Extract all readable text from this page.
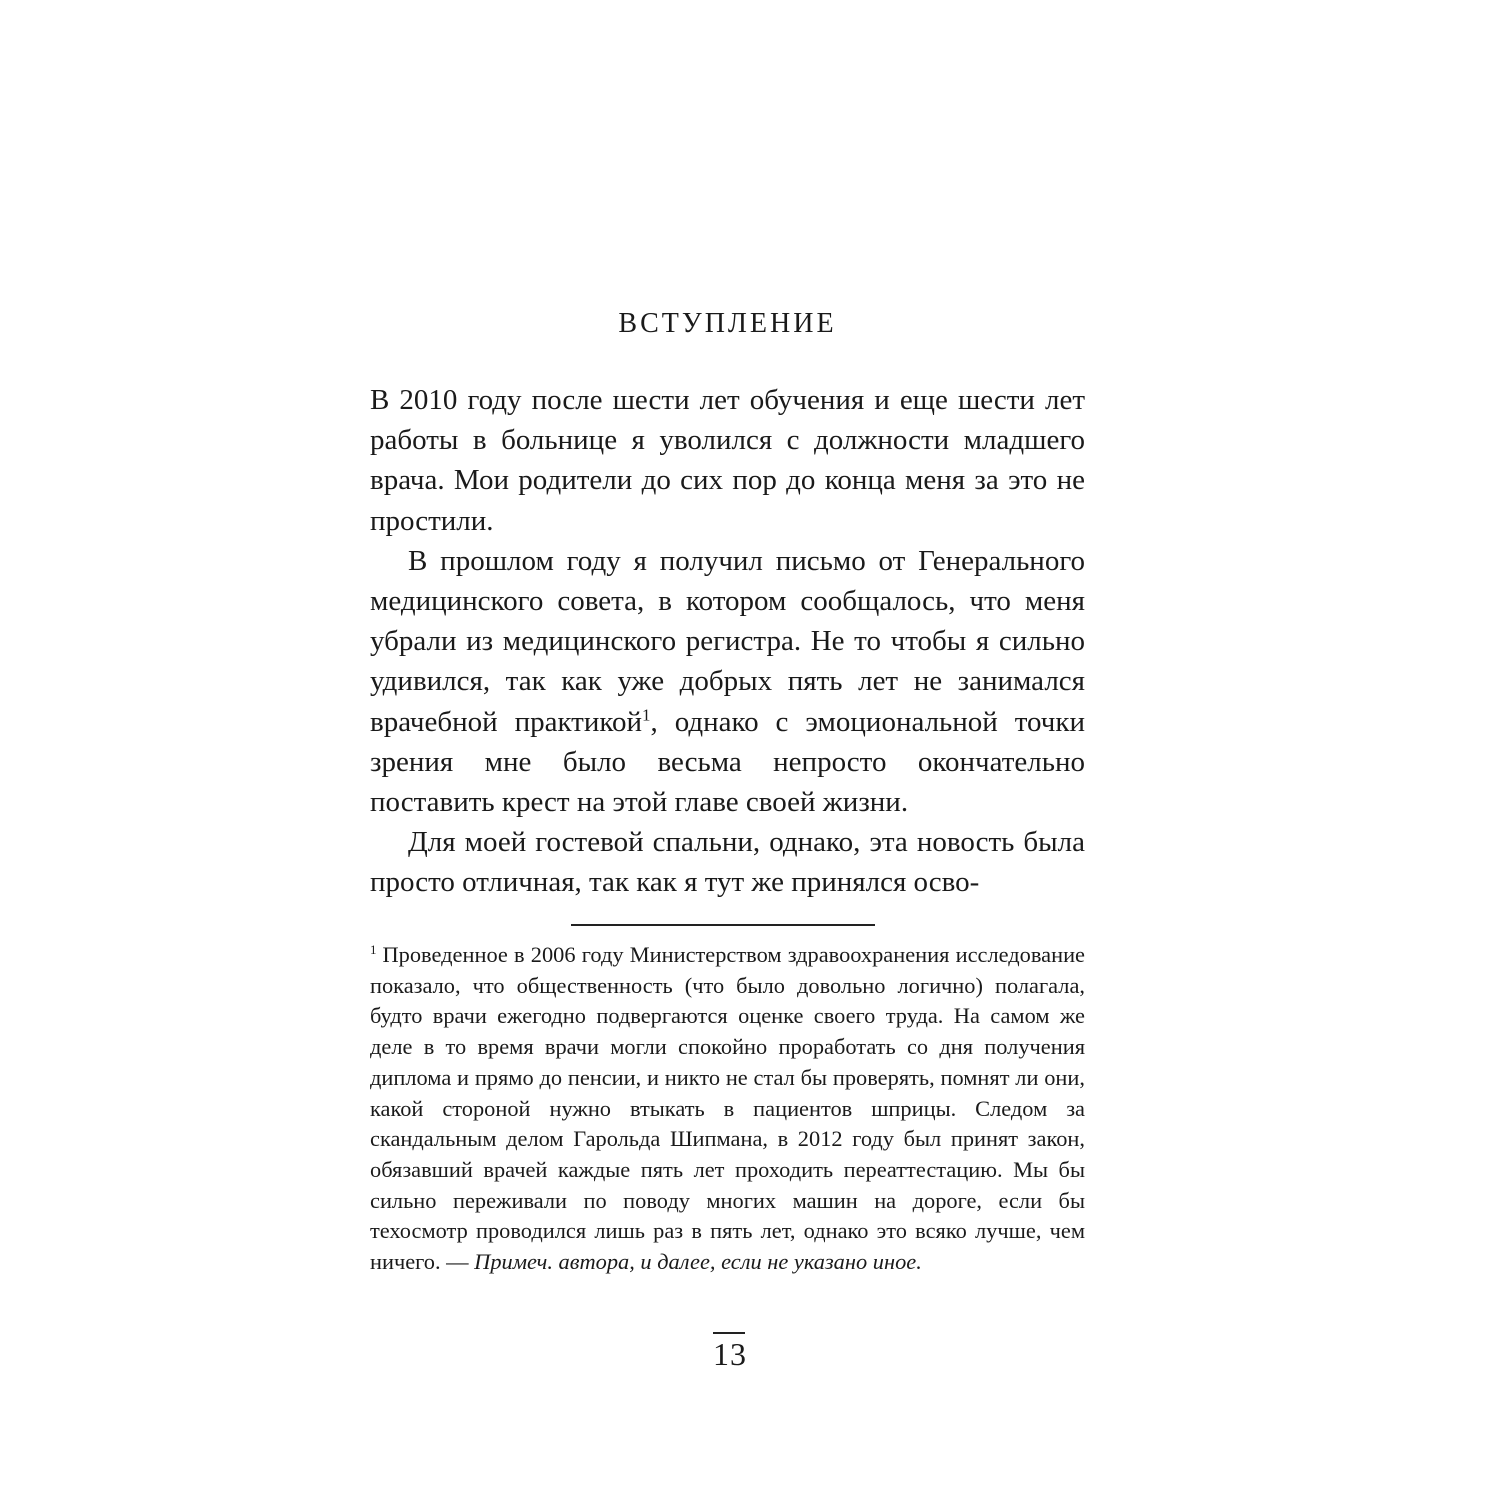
ВСТУПЛЕНИЕ

В 2010 году после шести лет обучения и еще шести лет работы в больнице я уволился с должности младшего врача. Мои родители до сих пор до конца меня за это не простили.

В прошлом году я получил письмо от Генерального медицинского совета, в котором сообщалось, что меня убрали из медицинского регистра. Не то чтобы я сильно удивился, так как уже добрых пять лет не занимался врачебной практикой$^1$, однако с эмоциональной точки зрения мне было весьма непросто окончательно поставить крест на этой главе своей жизни.

Для моей гостевой спальни, однако, эта новость была просто отличная, так как я тут же принялся осво-

$^1$ Проведенное в 2006 году Министерством здравоохранения исследование показало, что общественность (что было довольно логично) полагала, будто врачи ежегодно подвергаются оценке своего труда. На самом же деле в то время врачи могли спокойно проработать со дня получения диплома и прямо до пенсии, и никто не стал бы проверять, помнят ли они, какой стороной нужно втыкать в пациентов шприцы. Следом за скандальным делом Гарольда Шипмана, в 2012 году был принят закон, обязавший врачей каждые пять лет проходить переаттестацию. Мы бы сильно переживали по поводу многих машин на дороге, если бы техосмотр проводился лишь раз в пять лет, однако это всяко лучше, чем ничего. — Примеч. автора, и далее, если не указано иное.
13
